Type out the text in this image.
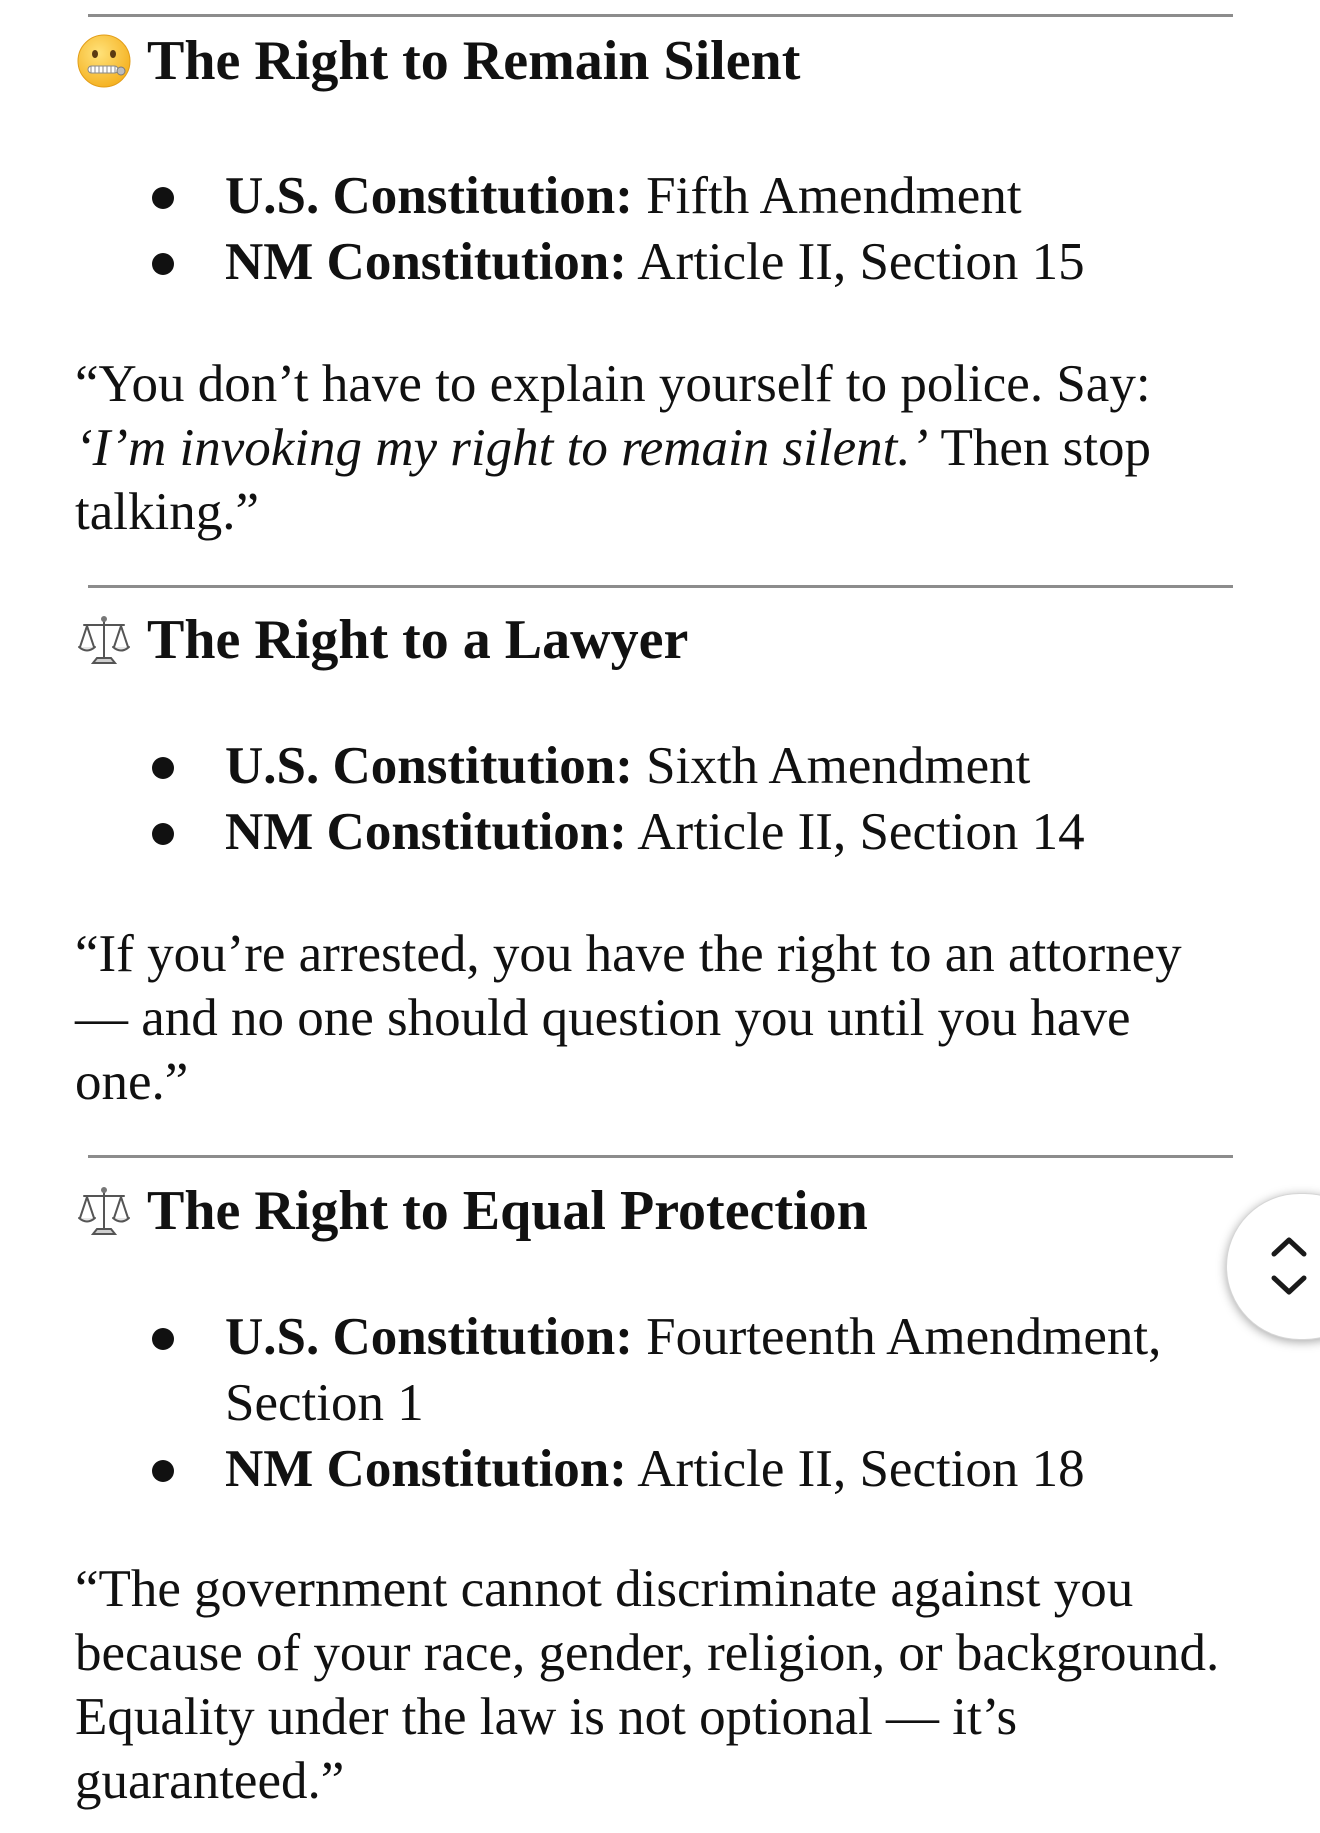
The Right to Remain Silent
U.S. Constitution: Fifth Amendment
NM Constitution: Article II, Section 15

“You don’t have to explain yourself to police. Say: ‘I’m invoking my right to remain silent.’ Then stop talking.”

The Right to a Lawyer
U.S. Constitution: Sixth Amendment
NM Constitution: Article II, Section 14

“If you’re arrested, you have the right to an attorney — and no one should question you until you have one.”

The Right to Equal Protection
U.S. Constitution: Fourteenth Amendment, Section 1
NM Constitution: Article II, Section 18

“The government cannot discriminate against you because of your race, gender, religion, or background. Equality under the law is not optional — it’s guaranteed.”
